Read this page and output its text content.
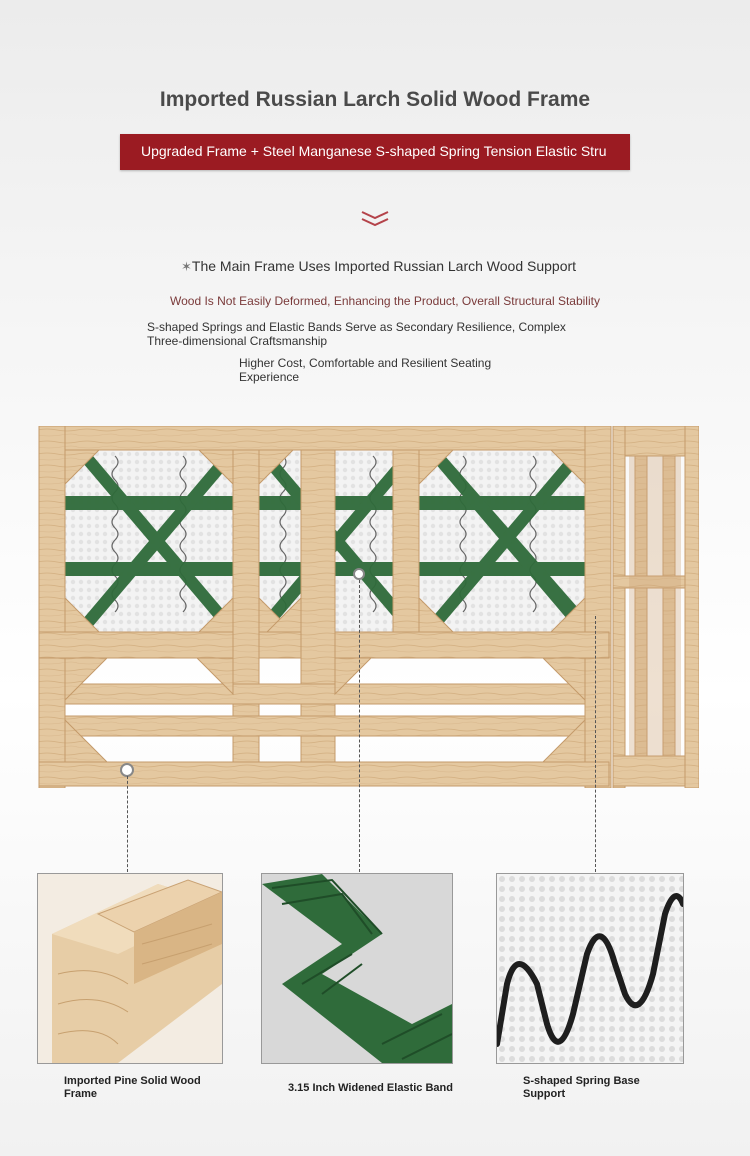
Imported Russian Larch Solid Wood Frame
Upgraded Frame + Steel Manganese S-shaped Spring Tension Elastic Stru
✶The Main Frame Uses Imported Russian Larch Wood Support
Wood Is Not Easily Deformed, Enhancing the Product, Overall Structural Stability
S-shaped Springs and Elastic Bands Serve as Secondary Resilience, Complex Three-dimensional Craftsmanship
Higher Cost, Comfortable and Resilient Seating Experience
Imported Pine Solid Wood Frame	3.15 Inch Widened Elastic Band
S-shaped Spring Base Support
